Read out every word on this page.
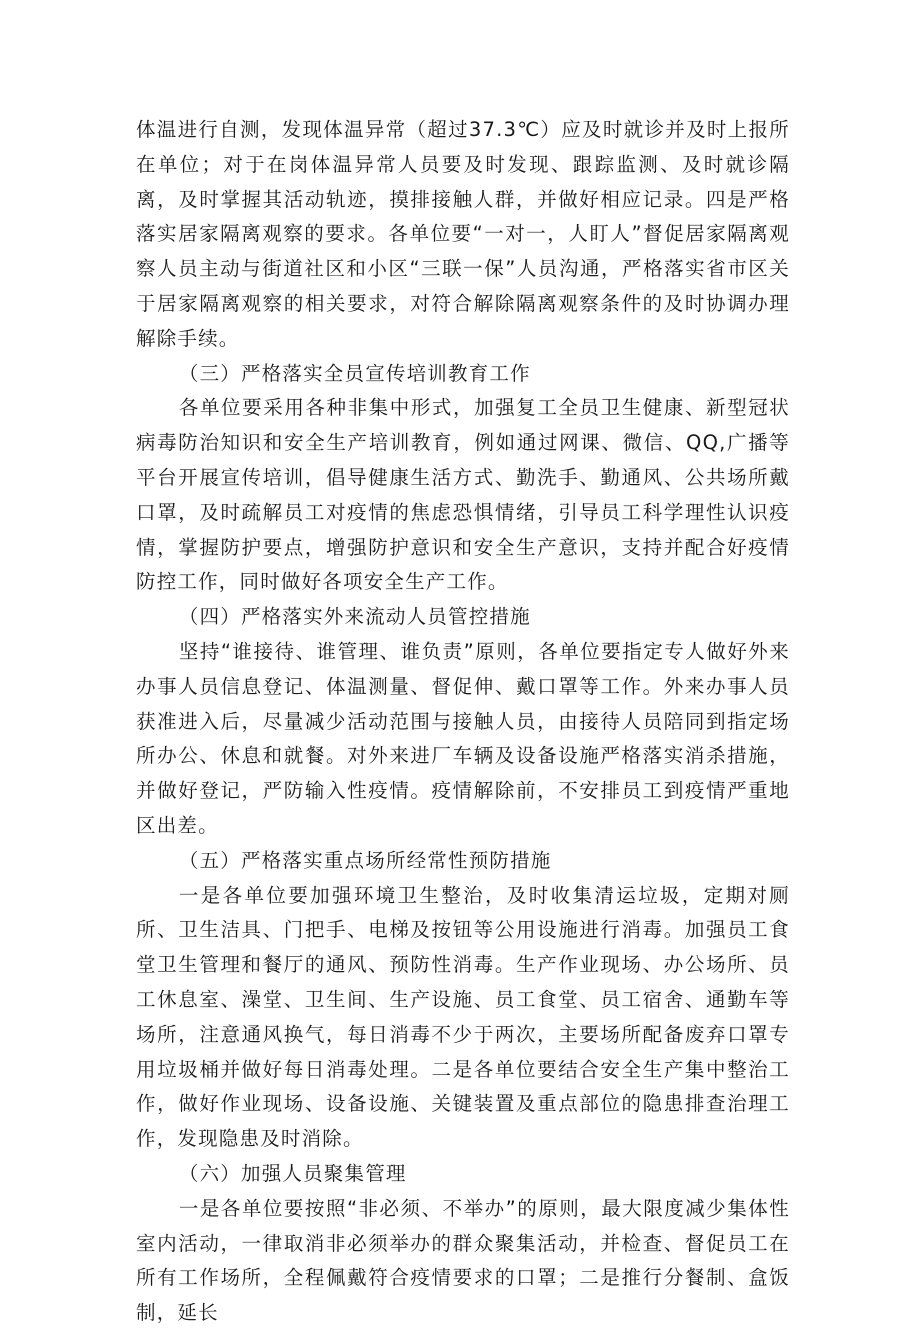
体温进行自测，发现体温异常（超过37.3℃）应及时就诊并及时上报所在单位；对于在岗体温异常人员要及时发现、跟踪监测、及时就诊隔离，及时掌握其活动轨迹，摸排接触人群，并做好相应记录。四是严格落实居家隔离观察的要求。各单位要“一对一，人盯人”督促居家隔离观察人员主动与街道社区和小区“三联一保”人员沟通，严格落实省市区关于居家隔离观察的相关要求，对符合解除隔离观察条件的及时协调办理解除手续。

（三）严格落实全员宣传培训教育工作

各单位要采用各种非集中形式，加强复工全员卫生健康、新型冠状病毒防治知识和安全生产培训教育，例如通过网课、微信、QQ,广播等平台开展宣传培训，倡导健康生活方式、勤洗手、勤通风、公共场所戴口罩，及时疏解员工对疫情的焦虑恐惧情绪，引导员工科学理性认识疫情，掌握防护要点，增强防护意识和安全生产意识，支持并配合好疫情防控工作，同时做好各项安全生产工作。

（四）严格落实外来流动人员管控措施

坚持“谁接待、谁管理、谁负责”原则，各单位要指定专人做好外来办事人员信息登记、体温测量、督促伸、戴口罩等工作。外来办事人员获准进入后，尽量减少活动范围与接触人员，由接待人员陪同到指定场所办公、休息和就餐。对外来进厂车辆及设备设施严格落实消杀措施，并做好登记，严防输入性疫情。疫情解除前，不安排员工到疫情严重地区出差。

（五）严格落实重点场所经常性预防措施

一是各单位要加强环境卫生整治，及时收集清运垃圾，定期对厕所、卫生洁具、门把手、电梯及按钮等公用设施进行消毒。加强员工食堂卫生管理和餐厅的通风、预防性消毒。生产作业现场、办公场所、员工休息室、澡堂、卫生间、生产设施、员工食堂、员工宿舍、通勤车等场所，注意通风换气，每日消毒不少于两次，主要场所配备废弃口罩专用垃圾桶并做好每日消毒处理。二是各单位要结合安全生产集中整治工作，做好作业现场、设备设施、关键装置及重点部位的隐患排查治理工作，发现隐患及时消除。

（六）加强人员聚集管理

一是各单位要按照“非必须、不举办”的原则，最大限度减少集体性室内活动，一律取消非必须举办的群众聚集活动，并检查、督促员工在所有工作场所，全程佩戴符合疫情要求的口罩；二是推行分餐制、盒饭制，延长
